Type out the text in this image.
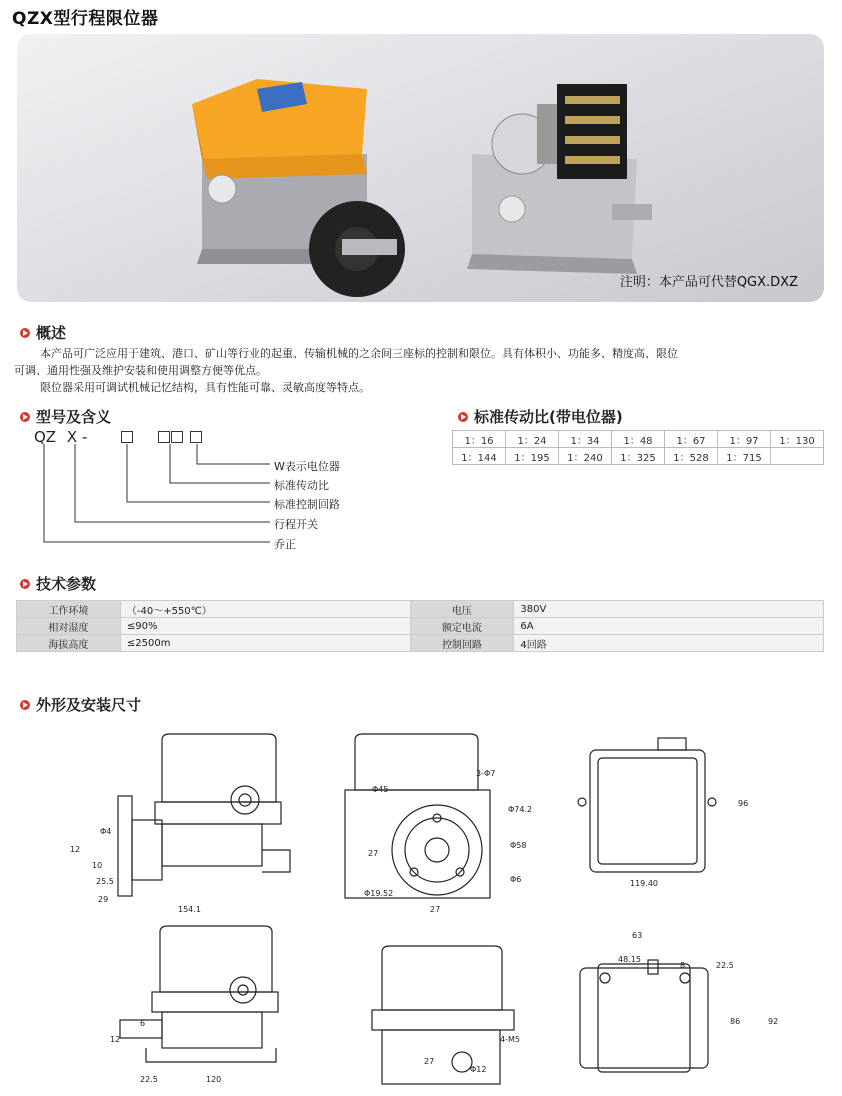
QZX型行程限位器
注明：本产品可代替QGX.DXZ
概述
本产品可广泛应用于建筑、港口、矿山等行业的起重、传输机械的之余间三座标的控制和限位。具有体积小、功能多、精度高、限位
可调、通用性强及维护安装和使用调整方便等优点。
限位器采用可调试机械记忆结构，具有性能可靠、灵敏高度等特点。
型号及含义
QZ X -
W表示电位器
标准传动比
标准控制回路
行程开关
乔正
标准传动比(带电位器)
1：16	1：24	1：34	1：48	1：67	1：97	1：130
1：144	1：195	1：240	1：325	1：528	1：715	
技术参数
工作环境	（-40～+550℃）	电压	380V
相对湿度	≤90%	额定电流	6A
海拔高度	≤2500m	控制回路	4回路
外形及安装尺寸
Φ4
12
10
25.5
29
154.1
Φ45
3-Φ7
Φ74.2
Φ58
Φ6
Φ19.52
27
27
96
119.40
6
12
22.5	120
4-M5
27
Φ12
63
48.15
8	22.5
86	92
